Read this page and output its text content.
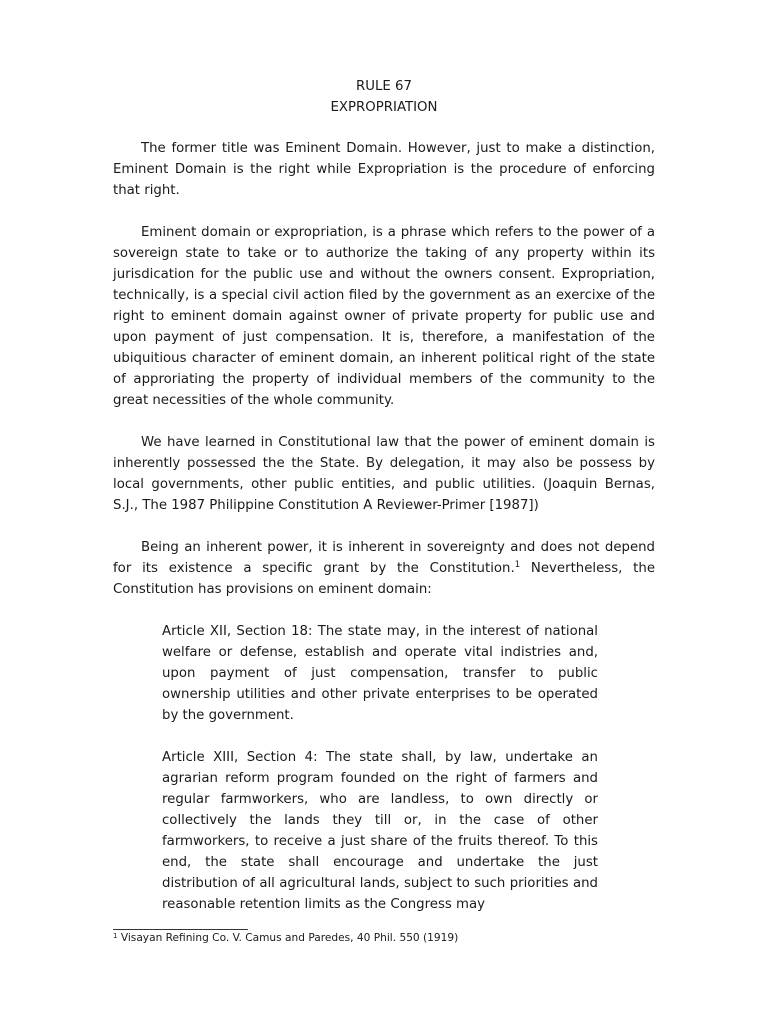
RULE 67
EXPROPRIATION

The former title was Eminent Domain. However, just to make a distinction, Eminent Domain is the right while Expropriation is the procedure of enforcing that right.

Eminent domain or expropriation, is a phrase which refers to the power of a sovereign state to take or to authorize the taking of any property within its jurisdication for the public use and without the owners consent. Expropriation, technically, is a special civil action filed by the government as an exercixe of the right to eminent domain against owner of private property for public use and upon payment of just compensation. It is, therefore, a manifestation of the ubiquitious character of eminent domain, an inherent political right of the state of approriating the property of individual members of the community to the great necessities of the whole community.

We have learned in Constitutional law that the power of eminent domain is inherently possessed the the State. By delegation, it may also be possess by local governments, other public entities, and public utilities. (Joaquin Bernas, S.J., The 1987 Philippine Constitution A Reviewer-Primer [1987])

Being an inherent power, it is inherent in sovereignty and does not depend for its existence a specific grant by the Constitution.$^1$ Nevertheless, the Constitution has provisions on eminent domain:

Article XII, Section 18: The state may, in the interest of national welfare or defense, establish and operate vital indistries and, upon payment of just compensation, transfer to public ownership utilities and other private enterprises to be operated by the government.

Article XIII, Section 4: The state shall, by law, undertake an agrarian reform program founded on the right of farmers and regular farmworkers, who are landless, to own directly or collectively the lands they till or, in the case of other farmworkers, to receive a just share of the fruits thereof. To this end, the state shall encourage and undertake the just distribution of all agricultural lands, subject to such priorities and reasonable retention limits as the Congress may

$^1$ Visayan Refining Co. V. Camus and Paredes, 40 Phil. 550 (1919)
